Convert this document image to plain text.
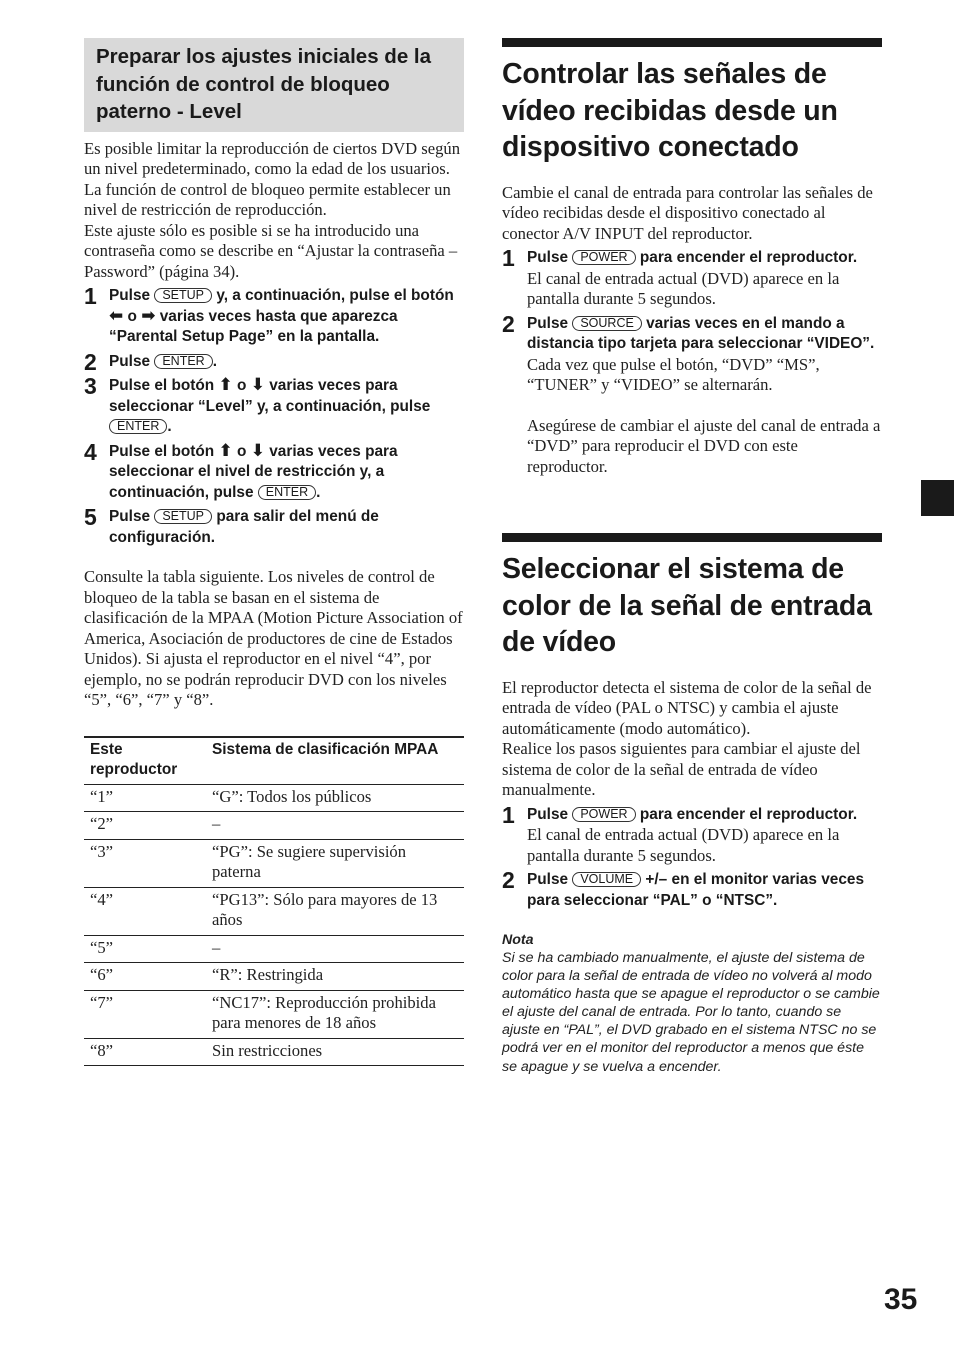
Preparar los ajustes iniciales de la función de control de bloqueo paterno - Level

Es posible limitar la reproducción de ciertos DVD según un nivel predeterminado, como la edad de los usuarios. La función de control de bloqueo permite establecer un nivel de restricción de reproducción.

Este ajuste sólo es posible si se ha introducido una contraseña como se describe en “Ajustar la contraseña – Password” (página 34).

1 Pulse SETUP y, a continuación, pulse el botón ⬅ o ➡ varias veces hasta que aparezca “Parental Setup Page” en la pantalla.
2 Pulse ENTER .
3 Pulse el botón ⬆ o ⬇ varias veces para seleccionar “Level” y, a continuación, pulse ENTER .
4 Pulse el botón ⬆ o ⬇ varias veces para seleccionar el nivel de restricción y, a continuación, pulse ENTER .
5 Pulse SETUP para salir del menú de configuración.

Consulte la tabla siguiente. Los niveles de control de bloqueo de la tabla se basan en el sistema de clasificación de la MPAA (Motion Picture Association of America, Asociación de productores de cine de Estados Unidos). Si ajusta el reproductor en el nivel “4”, por ejemplo, no se podrán reproducir DVD con los niveles “5”, “6”, “7” y “8”.

Este reproductor	Sistema de clasificación MPAA
“1”	“G”: Todos los públicos
“2”	–
“3”	“PG”: Se sugiere supervisión paterna
“4”	“PG13”: Sólo para mayores de 13 años
“5”	–
“6”	“R”: Restringida
“7”	“NC17”: Reproducción prohibida para menores de 18 años
“8”	Sin restricciones
Controlar las señales de vídeo recibidas desde un dispositivo conectado

Cambie el canal de entrada para controlar las señales de vídeo recibidas desde el dispositivo conectado al conector A/V INPUT del reproductor.

1 Pulse POWER para encender el reproductor.
El canal de entrada actual (DVD) aparece en la pantalla durante 5 segundos.
2 Pulse SOURCE varias veces en el mando a distancia tipo tarjeta para seleccionar “VIDEO”.
Cada vez que pulse el botón, “DVD” “MS”, “TUNER” y “VIDEO” se alternarán.
Asegúrese de cambiar el ajuste del canal de entrada a “DVD” para reproducir el DVD con este reproductor.
Seleccionar el sistema de color de la señal de entrada de vídeo

El reproductor detecta el sistema de color de la señal de entrada de vídeo (PAL o NTSC) y cambia el ajuste automáticamente (modo automático).

Realice los pasos siguientes para cambiar el ajuste del sistema de color de la señal de entrada de vídeo manualmente.

1 Pulse POWER para encender el reproductor.
El canal de entrada actual (DVD) aparece en la pantalla durante 5 segundos.
2 Pulse VOLUME +/– en el monitor varias veces para seleccionar “PAL” o “NTSC”.
Nota

Si se ha cambiado manualmente, el ajuste del sistema de color para la señal de entrada de vídeo no volverá al modo automático hasta que se apague el reproductor o se cambie el ajuste del canal de entrada. Por lo tanto, cuando se ajuste en “PAL”, el DVD grabado en el sistema NTSC no se podrá ver en el monitor del reproductor a menos que éste se apague y se vuelva a encender.

35
